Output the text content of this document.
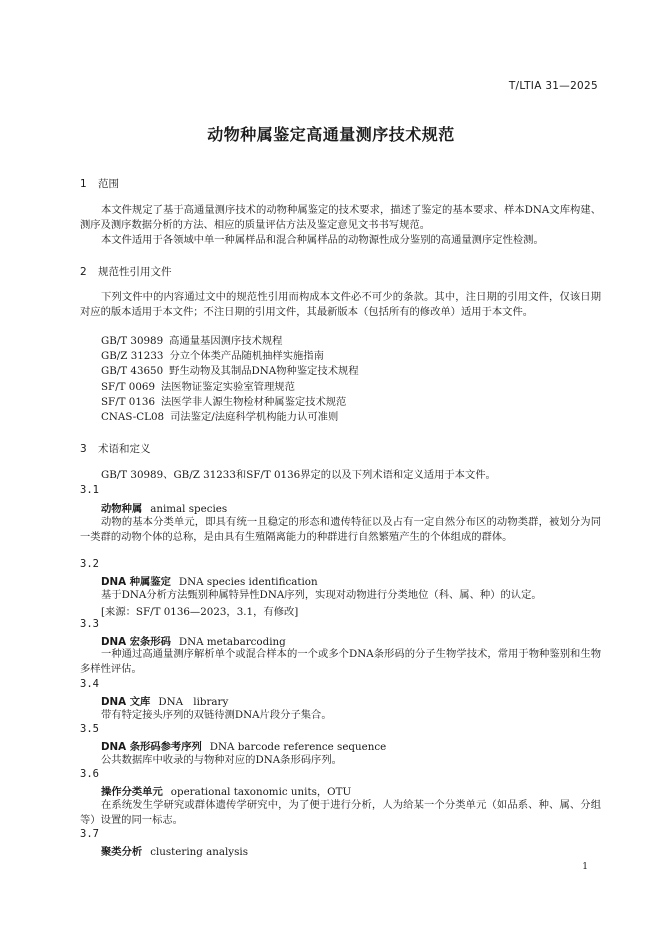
T/LTIA 31—2025
动物种属鉴定高通量测序技术规范
1 范围

本文件规定了基于高通量测序技术的动物种属鉴定的技术要求，描述了鉴定的基本要求、样本DNA文库构建、测序及测序数据分析的方法、相应的质量评估方法及鉴定意见文书书写规范。

本文件适用于各领域中单一种属样品和混合种属样品的动物源性成分鉴别的高通量测序定性检测。

2 规范性引用文件

下列文件中的内容通过文中的规范性引用而构成本文件必不可少的条款。其中，注日期的引用文件，仅该日期对应的版本适用于本文件；不注日期的引用文件，其最新版本（包括所有的修改单）适用于本文件。

GB/T 30989 高通量基因测序技术规程
GB/Z 31233 分立个体类产品随机抽样实施指南
GB/T 43650 野生动物及其制品DNA物种鉴定技术规程
SF/T 0069 法医物证鉴定实验室管理规范
SF/T 0136 法医学非人源生物检材种属鉴定技术规范
CNAS-CL08 司法鉴定/法庭科学机构能力认可准则
3 术语和定义

GB/T 30989、GB/Z 31233和SF/T 0136界定的以及下列术语和定义适用于本文件。

3.1
动物种属 animal species

动物的基本分类单元，即具有统一且稳定的形态和遗传特征以及占有一定自然分布区的动物类群，被划分为同一类群的动物个体的总称，是由具有生殖隔离能力的种群进行自然繁殖产生的个体组成的群体。

3.2
DNA 种属鉴定 DNA species identification

基于DNA分析方法甄别种属特异性DNA序列，实现对动物进行分类地位（科、属、种）的认定。

[来源：SF/T 0136—2023，3.1，有修改]
3.3
DNA 宏条形码 DNA metabarcoding

一种通过高通量测序解析单个或混合样本的一个或多个DNA条形码的分子生物学技术，常用于物种鉴别和生物多样性评估。

3.4
DNA 文库 DNA　library

带有特定接头序列的双链待测DNA片段分子集合。

3.5
DNA 条形码参考序列 DNA barcode reference sequence

公共数据库中收录的与物种对应的DNA条形码序列。

3.6
操作分类单元 operational taxonomic units，OTU

在系统发生学研究或群体遗传学研究中，为了便于进行分析，人为给某一个分类单元（如品系、种、属、分组等）设置的同一标志。

3.7
聚类分析 clustering analysis
1
